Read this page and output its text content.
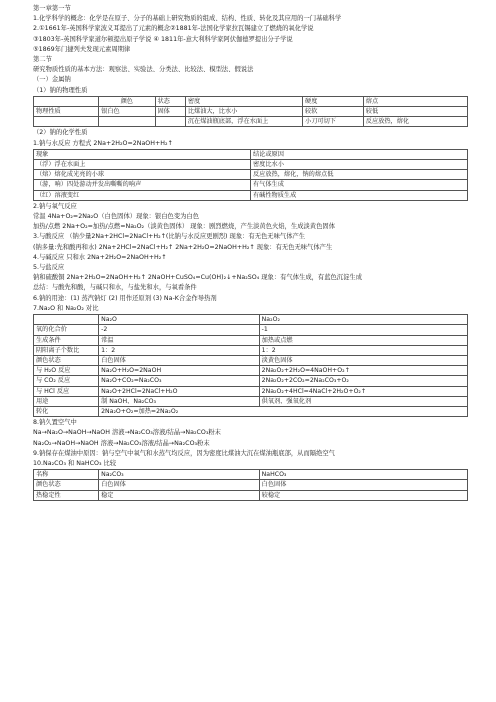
第一章第一节
1.化学科学的概念：化学是在原子、分子的基础上研究物质的组成、结构、性质、转化及其应用的一门基础科学
2.①1661年-英国科学家波义耳提出了元素的概念②1881年-法国化学家拉瓦锡建立了燃烧的氧化学说
③1803年-英国科学家道尔顿提出原子学说 ④ 1811年-意大利科学家阿伏伽德罗提出分子学说
⑤1869年门捷列夫发现元素周期律
第二节
研究物质性质的基本方法：观察法、实验法、分类法、比较法、模型法、假说法
（一）金属钠
（1）钠的物理性质
	颜色	状态	密度	硬度	熔点
物理性质	银白色	固体	比煤油大，比水小	较软	较低
			沉在煤油瓶底部，浮在水面上	小刀可切下	反应放热，熔化
（2）钠的化学性质
1.钠与水反应 方程式 2Na+2H₂O=2NaOH+H₂↑
现象	结论或原因
（浮）浮在水面上	密度比水小
（熔）熔化成光亮的小球	反应放热，熔化，钠的熔点低
（游，响）四处游动并发出嘶嘶的响声	有气体生成
（红）溶液变红	有碱性物质生成
2.钠与氧气反应
常温 4Na+O₂=2Na₂O（白色固体）现象：银白色变为白色
加热/点燃 2Na+O₂=加热/点燃=Na₂O₂（淡黄色固体） 现象：剧烈燃烧，产生淡黄色火焰，生成淡黄色固体
3.与酸反应 （钠少量2Na+2HCl=2NaCl+H₂↑(比钠与水反应更剧烈) 现象：有无色无味气体产生
(钠多量:先和酸再和水) 2Na+2HCl=2NaCl+H₂↑ 2Na+2H₂O=2NaOH+H₂↑ 现象：有无色无味气体产生
4.与碱反应 只和水 2Na+2H₂O=2NaOH+H₂↑
5.与盐反应
钠和硫酸铜 2Na+2H₂O=2NaOH+H₂↑ 2NaOH+CuSO₄=Cu(OH)₂↓+Na₂SO₄ 现象：有气体生成，有蓝色沉淀生成
总结：与酸先和酸，与碱只和水，与盐先和水，与氧看条件
6.钠的用途：(1) 蒸汽钠灯 (2) 用作还原剂 (3) Na-K合金作导热剂
7.Na₂O 和 Na₂O₂ 对比
	Na₂O	Na₂O₂
氧的化合价	-2	-1
生成条件	常温	加热或点燃
阴阳离子个数比	1：2	1：2
颜色状态	白色固体	淡黄色固体
与 H₂O 反应	Na₂O+H₂O=2NaOH	2Na₂O₂+2H₂O=4NaOH+O₂↑
与 CO₂ 反应	Na₂O+CO₂=Na₂CO₃	2Na₂O₂+2CO₂=2Na₂CO₃+O₂
与 HCl 反应	Na₂O+2HCl=2NaCl+H₂O	2Na₂O₂+4HCl=4NaCl+2H₂O+O₂↑
用途	制 NaOH、Na₂CO₃	供氧剂、强氧化剂
转化	2Na₂O+O₂=加热=2Na₂O₂	
8.钠久置空气中
Na→Na₂O→NaOH→NaOH 溶液→Na₂CO₃溶液/结晶→Na₂CO₃粉末
Na₂O₂→NaOH→NaOH 溶液→Na₂CO₃溶液/结晶→Na₂CO₃粉末
9.钠保存在煤油中原因：钠与空气中氧气和水蒸气均反应，因为密度比煤油大沉在煤油瓶底部，从而隔绝空气
10.Na₂CO₃ 和 NaHCO₃ 比较
名称	Na₂CO₃	NaHCO₃
颜色状态	白色固体	白色固体
热稳定性	稳定	较稳定
